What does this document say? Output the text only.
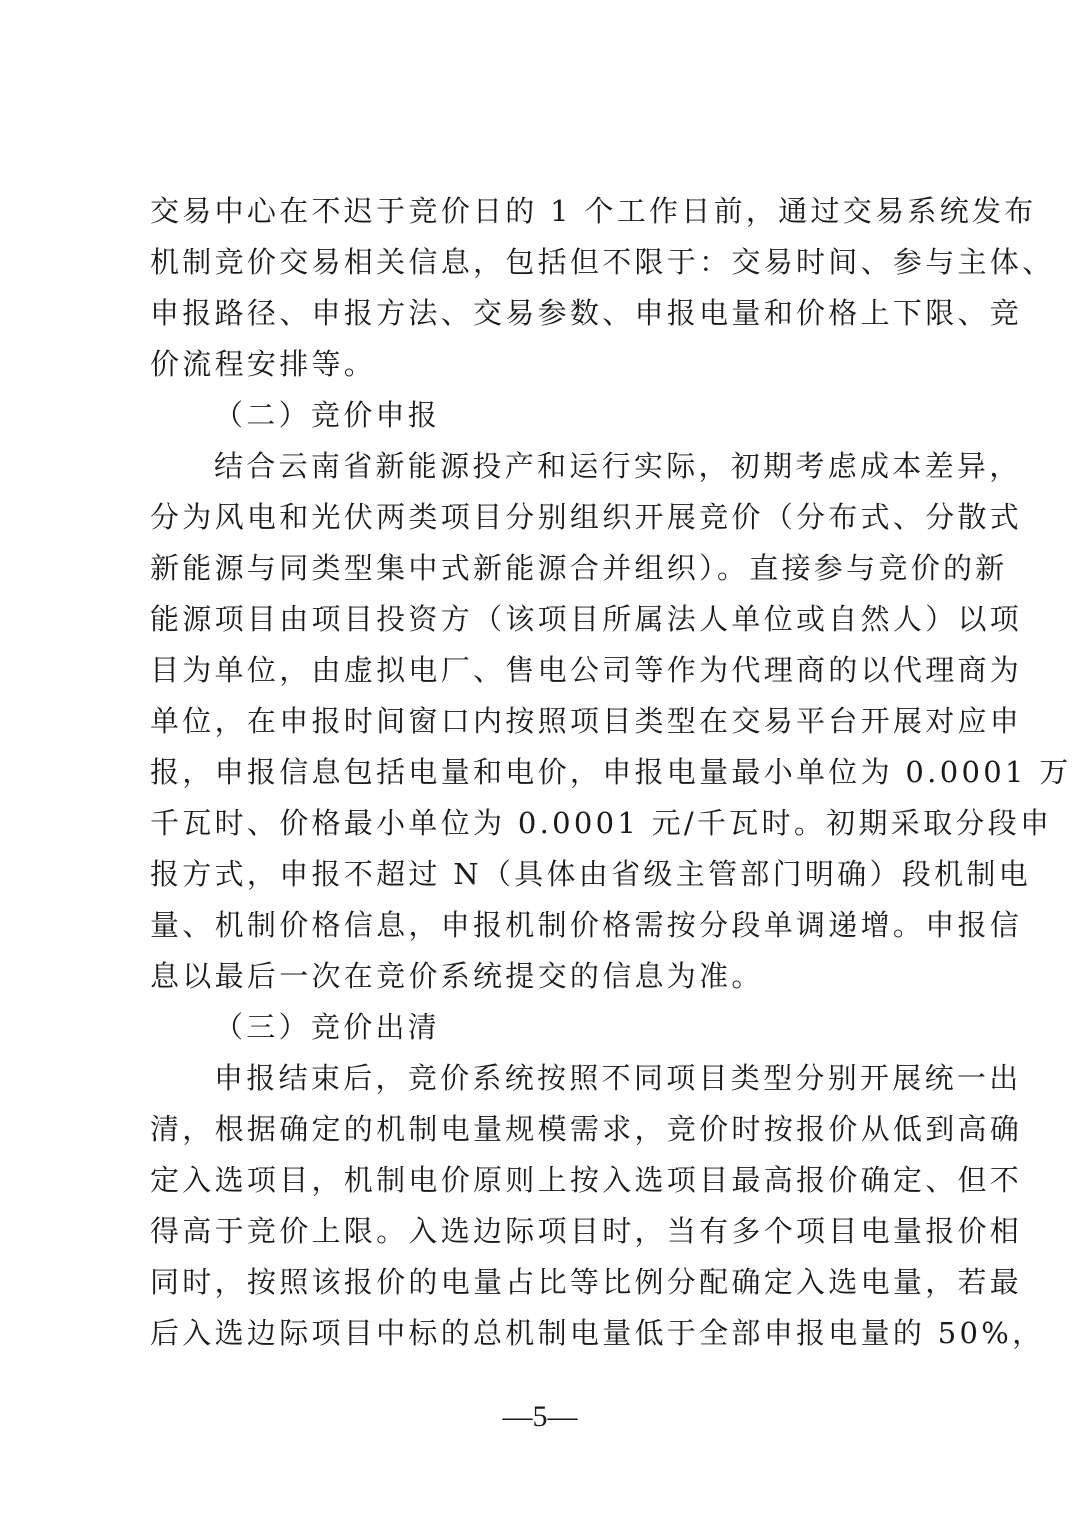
交易中心在不迟于竞价日的 1 个工作日前，通过交易系统发布
机制竞价交易相关信息，包括但不限于：交易时间、参与主体、
申报路径、申报方法、交易参数、申报电量和价格上下限、竞
价流程安排等。
（二）竞价申报
结合云南省新能源投产和运行实际，初期考虑成本差异，
分为风电和光伏两类项目分别组织开展竞价（分布式、分散式
新能源与同类型集中式新能源合并组织）。直接参与竞价的新
能源项目由项目投资方（该项目所属法人单位或自然人）以项
目为单位，由虚拟电厂、售电公司等作为代理商的以代理商为
单位，在申报时间窗口内按照项目类型在交易平台开展对应申
报，申报信息包括电量和电价，申报电量最小单位为 0.0001 万
千瓦时、价格最小单位为 0.0001 元/千瓦时。初期采取分段申
报方式，申报不超过 N（具体由省级主管部门明确）段机制电
量、机制价格信息，申报机制价格需按分段单调递增。申报信
息以最后一次在竞价系统提交的信息为准。
（三）竞价出清
申报结束后，竞价系统按照不同项目类型分别开展统一出
清，根据确定的机制电量规模需求，竞价时按报价从低到高确
定入选项目，机制电价原则上按入选项目最高报价确定、但不
得高于竞价上限。入选边际项目时，当有多个项目电量报价相
同时，按照该报价的电量占比等比例分配确定入选电量，若最
后入选边际项目中标的总机制电量低于全部申报电量的 50%，
—5—
